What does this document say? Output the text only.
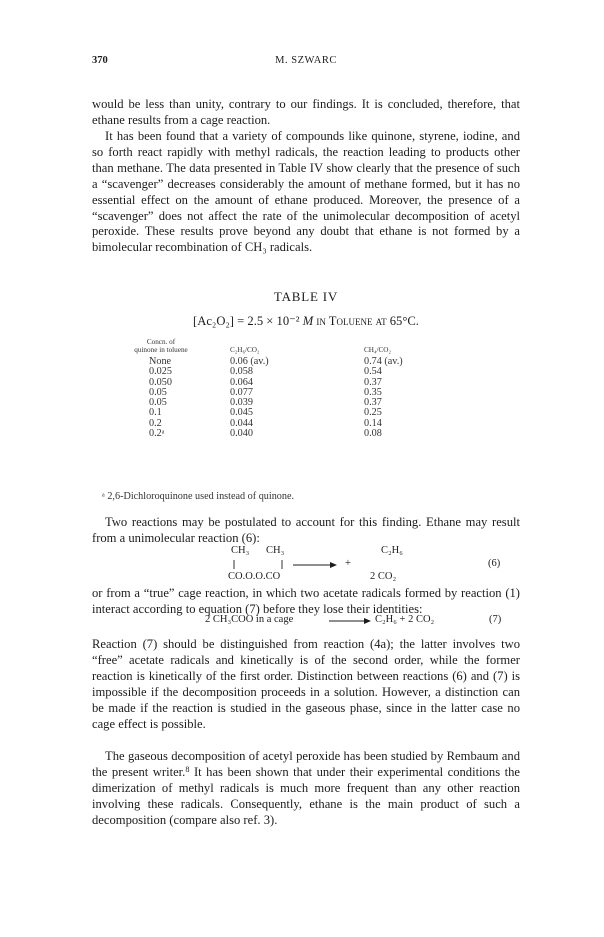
370	M. SZWARC

would be less than unity, contrary to our findings. It is concluded, therefore, that ethane results from a cage reaction.

It has been found that a variety of compounds like quinone, styrene, iodine, and so forth react rapidly with methyl radicals, the reaction leading to products other than methane. The data presented in Table IV show clearly that the presence of such a “scavenger” decreases considerably the amount of methane formed, but it has no essential effect on the amount of ethane produced. Moreover, the presence of a “scavenger” does not affect the rate of the unimolecular decomposition of acetyl peroxide. These results prove beyond any doubt that ethane is not formed by a bimolecular recombination of CH₃ radicals.

TABLE IV
[Ac₂O₂] = 2.5 × 10⁻² M in Toluene at 65°C.
Concn. of
quinone in toluene	C₂H₆/CO₂	CH₄/CO₂
None	0.06 (av.)	0.74 (av.)
0.025	0.058	0.54
0.050	0.064	0.37
0.05	0.077	0.35
0.05	0.039	0.37
0.1	0.045	0.25
0.2	0.044	0.14
0.2ᵃ	0.040	0.08
ᵃ 2,6-Dichloroquinone used instead of quinone.

Two reactions may be postulated to account for this finding. Ethane may result from a unimolecular reaction (6):

CH₃ CH₃	C₂H₆
+	(6)
CO.O.O.CO	2 CO₂

or from a “true” cage reaction, in which two acetate radicals formed by reaction (1) interact according to equation (7) before they lose their identities:

2 CH₃COO in a cage	C₂H₆ + 2 CO₂	(7)

Reaction (7) should be distinguished from reaction (4a); the latter involves two “free” acetate radicals and kinetically is of the second order, while the former reaction is kinetically of the first order. Distinction between reactions (6) and (7) is impossible if the decomposition proceeds in a solution. However, a distinction can be made if the reaction is studied in the gaseous phase, since in the latter case no cage effect is possible.

The gaseous decomposition of acetyl peroxide has been studied by Rembaum and the present writer.$^8$ It has been shown that under their experimental conditions the dimerization of methyl radicals is much more frequent than any other reaction involving these radicals. Consequently, ethane is the main product of such a decomposition (compare also ref. 3).
